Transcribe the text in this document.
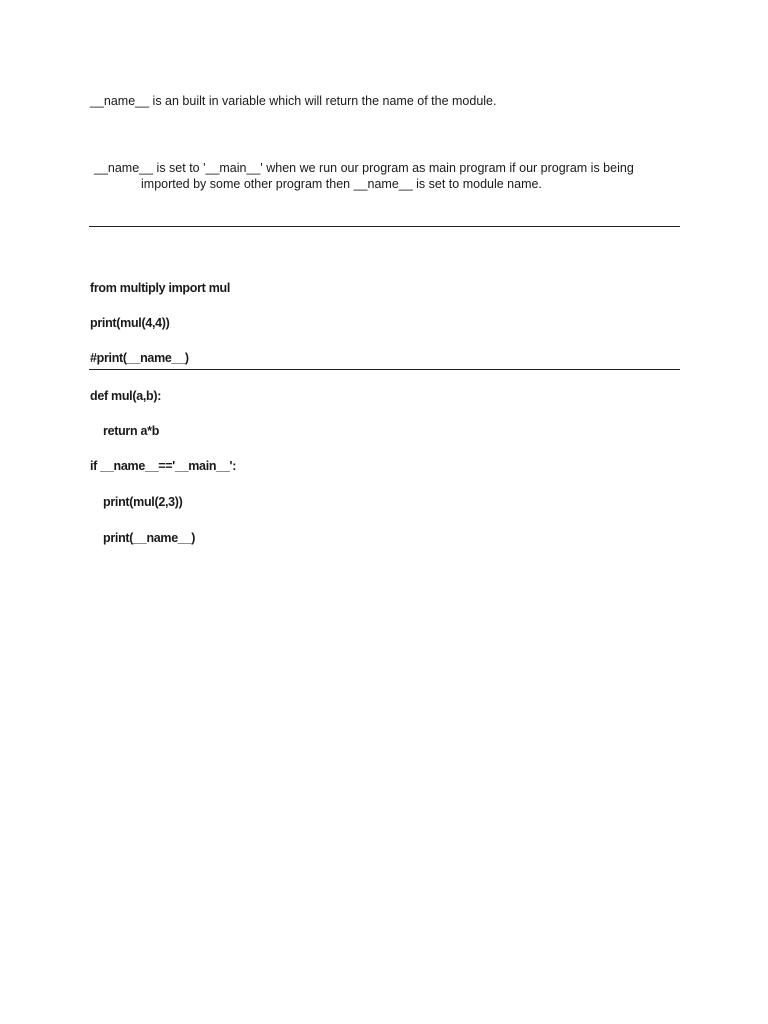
__name__ is an built in variable which will return the name of the module.
__name__ is set to '__main__' when we run our program as main program if our program is being
imported by some other program then __name__ is set to module name.
from multiply import mul
print(mul(4,4))
#print(__name__)
def mul(a,b):
return a*b
if __name__=='__main__':
print(mul(2,3))
print(__name__)
